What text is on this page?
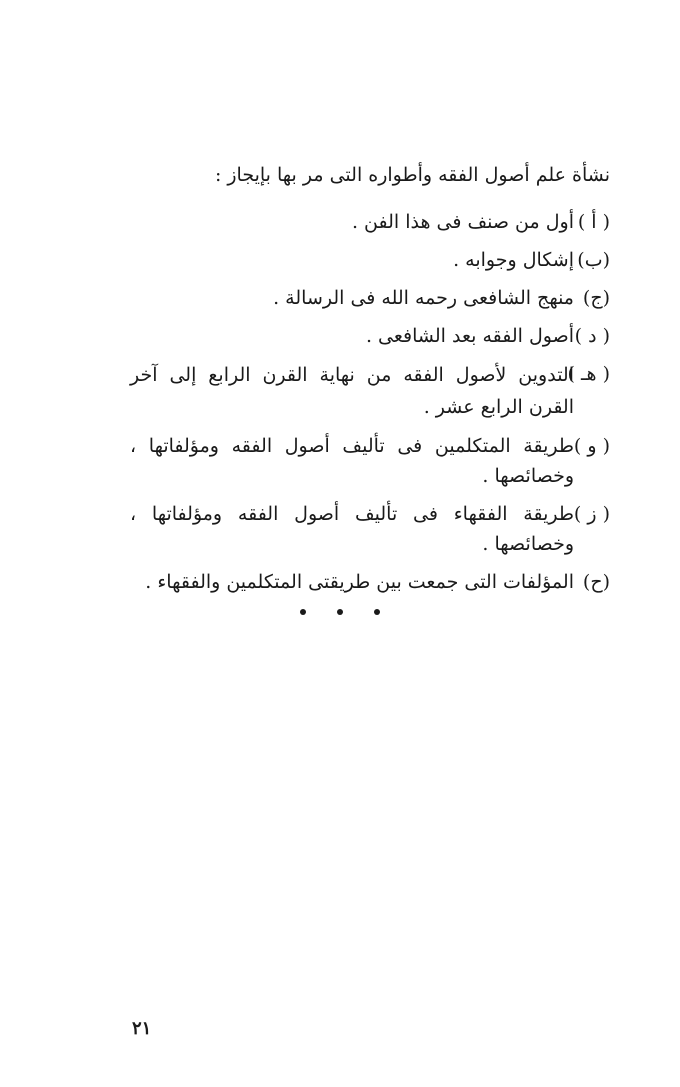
نشأة علم أصول الفقه وأطواره التى مر بها بإيجاز :
( أ )
أول من صنف فى هذا الفن .
(ب)
إشكال وجوابه .
(ج)
منهج الشافعى رحمه الله فى الرسالة .
( د )
أصول الفقه بعد الشافعى .
( هـ )
التدوين لأصول الفقه من نهاية القرن الرابع إلى آخر القرن الرابع عشر .
( و )
طريقة المتكلمين فى تأليف أصول الفقه ومؤلفاتها ، وخصائصها .
( ز )
طريقة الفقهاء فى تأليف أصول الفقه ومؤلفاتها ، وخصائصها .
(ح)
المؤلفات التى جمعت بين طريقتى المتكلمين والفقهاء .
٢١
